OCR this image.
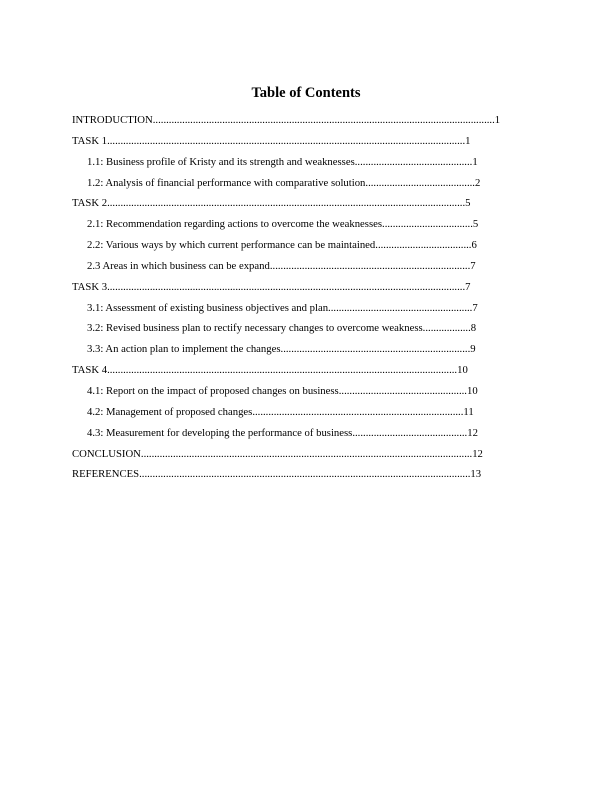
Table of Contents
INTRODUCTION................................................................................................................................1
TASK 1......................................................................................................................................1
1.1: Business profile of Kristy and its strength and weaknesses............................................1
1.2: Analysis of financial performance with comparative solution.........................................2
TASK 2......................................................................................................................................5
2.1: Recommendation regarding actions to overcome the weaknesses..................................5
2.2: Various ways by which current performance can be maintained....................................6
2.3 Areas in which business can be expand...........................................................................7
TASK 3......................................................................................................................................7
3.1: Assessment of existing business objectives and plan......................................................7
3.2: Revised business plan to rectify necessary changes to overcome weakness..................8
3.3: An action plan to implement the changes.......................................................................9
TASK 4...................................................................................................................................10
4.1: Report on the impact of proposed changes on business................................................10
4.2: Management of proposed changes...............................................................................11
4.3: Measurement for developing the performance of business...........................................12
CONCLUSION............................................................................................................................12
REFERENCES............................................................................................................................13
